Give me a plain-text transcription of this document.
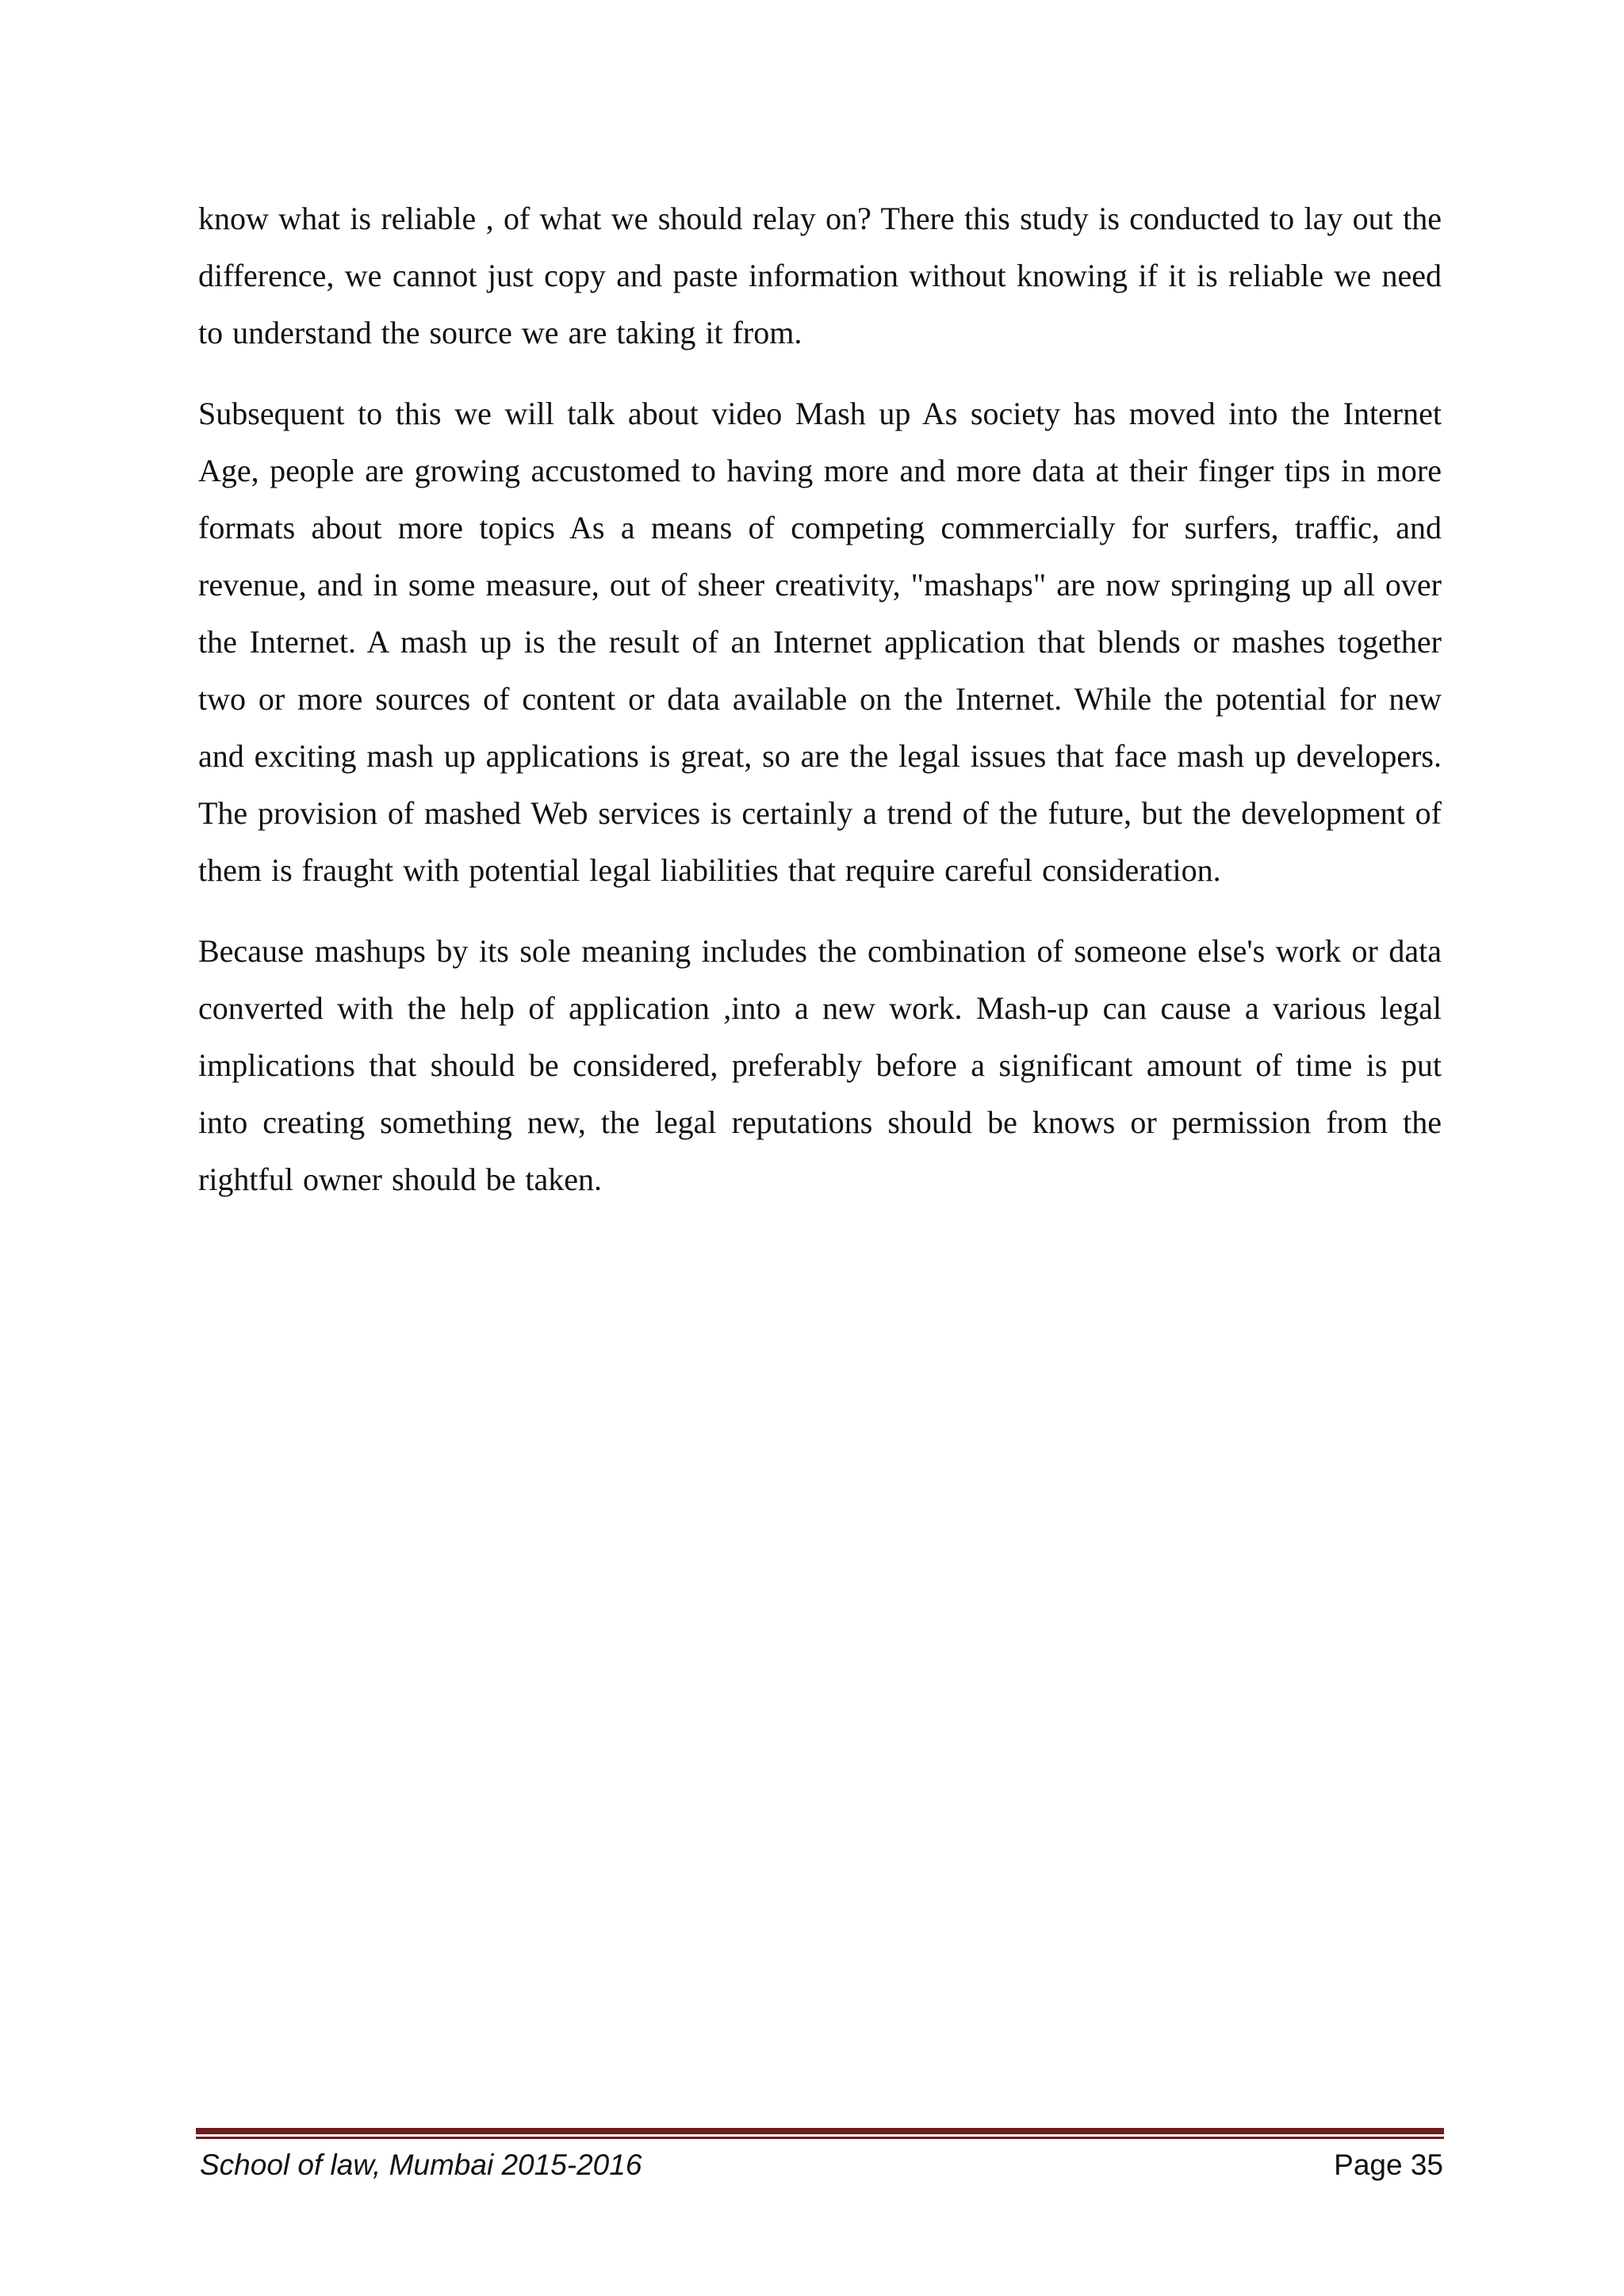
know what is reliable , of what we should relay on? There this study is conducted to lay out the difference, we cannot just copy and paste information without knowing if it is reliable we need to understand the source we are taking it from.

Subsequent to this we will talk about video Mash up As society has moved into the Internet Age, people are growing accustomed to having more and more data at their finger tips in more formats about more topics As a means of competing commercially for surfers, traffic, and revenue, and in some measure, out of sheer creativity, "mashaps" are now springing up all over the Internet. A mash up is the result of an Internet application that blends or mashes together two or more sources of content or data available on the Internet. While the potential for new and exciting mash up applications is great, so are the legal issues that face mash up developers. The provision of mashed Web services is certainly a trend of the future, but the development of them is fraught with potential legal liabilities that require careful consideration.

Because mashups by its sole meaning includes the combination of someone else's work or data converted with the help of application ,into a new work. Mash-up can cause a various legal implications that should be considered, preferably before a significant amount of time is put into creating something new, the legal reputations should be knows or permission from the rightful owner should be taken.

School of law, Mumbai 2015-2016	Page 35
